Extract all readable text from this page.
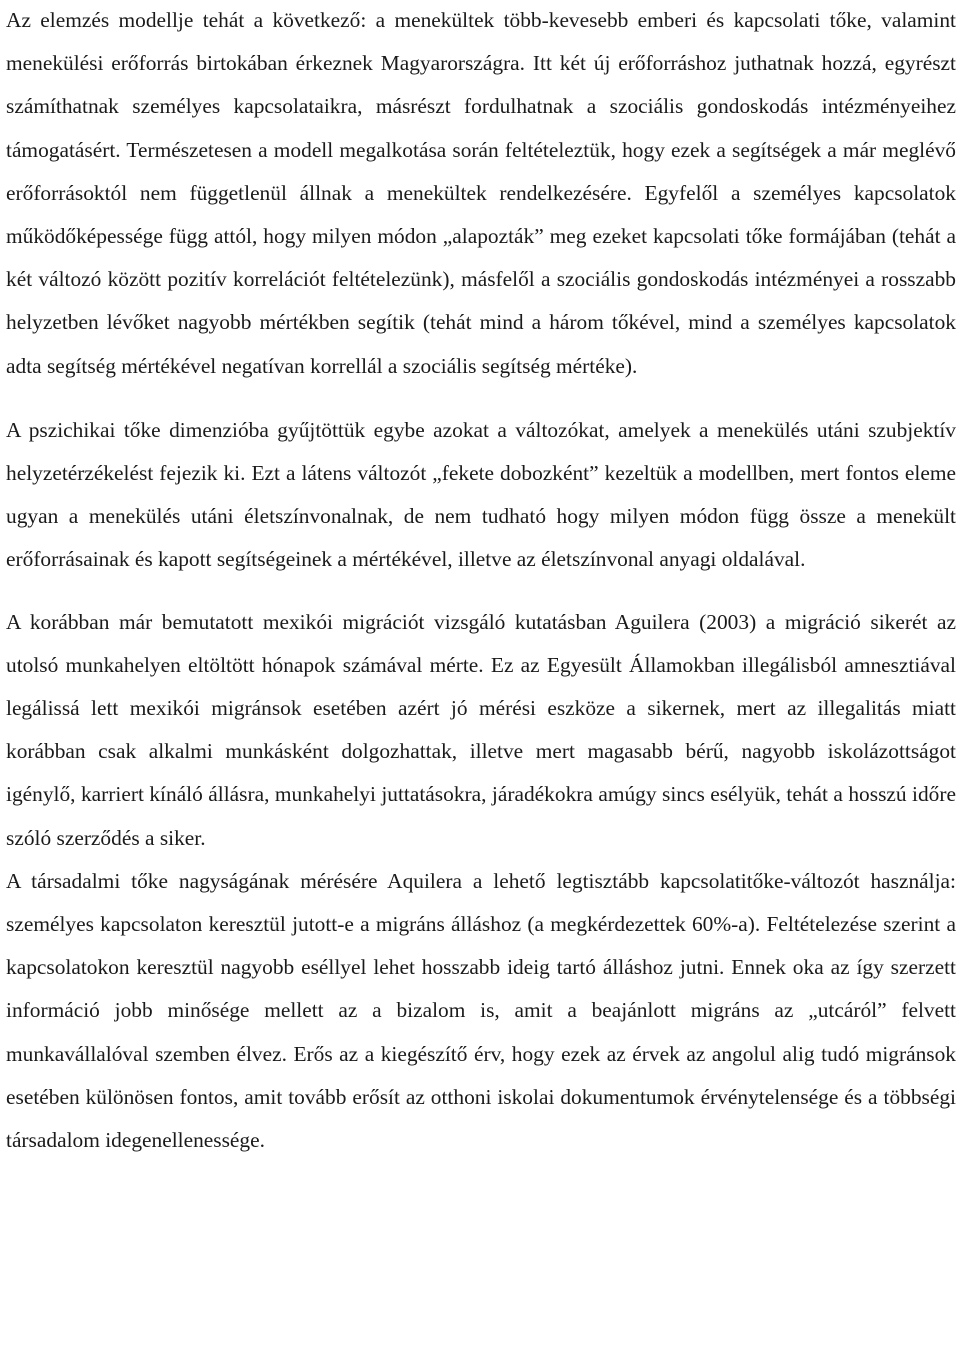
Az elemzés modellje tehát a következő: a menekültek több-kevesebb emberi és kapcsolati tőke, valamint menekülési erőforrás birtokában érkeznek Magyarországra. Itt két új erőforráshoz juthatnak hozzá, egyrészt számíthatnak személyes kapcsolataikra, másrészt fordulhatnak a szociális gondoskodás intézményeihez támogatásért. Természetesen a modell megalkotása során feltételeztük, hogy ezek a segítségek a már meglévő erőforrásoktól nem függetlenül állnak a menekültek rendelkezésére. Egyfelől a személyes kapcsolatok működőképessége függ attól, hogy milyen módon „alapozták” meg ezeket kapcsolati tőke formájában (tehát a két változó között pozitív korrelációt feltételezünk), másfelől a szociális gondoskodás intézményei a rosszabb helyzetben lévőket nagyobb mértékben segítik (tehát mind a három tőkével, mind a személyes kapcsolatok adta segítség mértékével negatívan korrellál a szociális segítség mértéke).

A pszichikai tőke dimenzióba gyűjtöttük egybe azokat a változókat, amelyek a menekülés utáni szubjektív helyzetérzékelést fejezik ki. Ezt a látens változót „fekete dobozként” kezeltük a modellben, mert fontos eleme ugyan a menekülés utáni életszínvonalnak, de nem tudható hogy milyen módon függ össze a menekült erőforrásainak és kapott segítségeinek a mértékével, illetve az életszínvonal anyagi oldalával.

A korábban már bemutatott mexikói migrációt vizsgáló kutatásban Aguilera (2003) a migráció sikerét az utolsó munkahelyen eltöltött hónapok számával mérte. Ez az Egyesült Államokban illegálisból amnesztiával legálissá lett mexikói migránsok esetében azért jó mérési eszköze a sikernek, mert az illegalitás miatt korábban csak alkalmi munkásként dolgozhattak, illetve mert magasabb bérű, nagyobb iskolázottságot igénylő, karriert kínáló állásra, munkahelyi juttatásokra, járadékokra amúgy sincs esélyük, tehát a hosszú időre szóló szerződés a siker.

A társadalmi tőke nagyságának mérésére Aquilera a lehető legtisztább kapcsolatitőke-változót használja: személyes kapcsolaton keresztül jutott-e a migráns álláshoz (a megkérdezettek 60%-a). Feltételezése szerint a kapcsolatokon keresztül nagyobb eséllyel lehet hosszabb ideig tartó álláshoz jutni. Ennek oka az így szerzett információ jobb minősége mellett az a bizalom is, amit a beajánlott migráns az „utcáról” felvett munkavállalóval szemben élvez. Erős az a kiegészítő érv, hogy ezek az érvek az angolul alig tudó migránsok esetében különösen fontos, amit tovább erősít az otthoni iskolai dokumentumok érvénytelensége és a többségi társadalom idegenellenessége.
